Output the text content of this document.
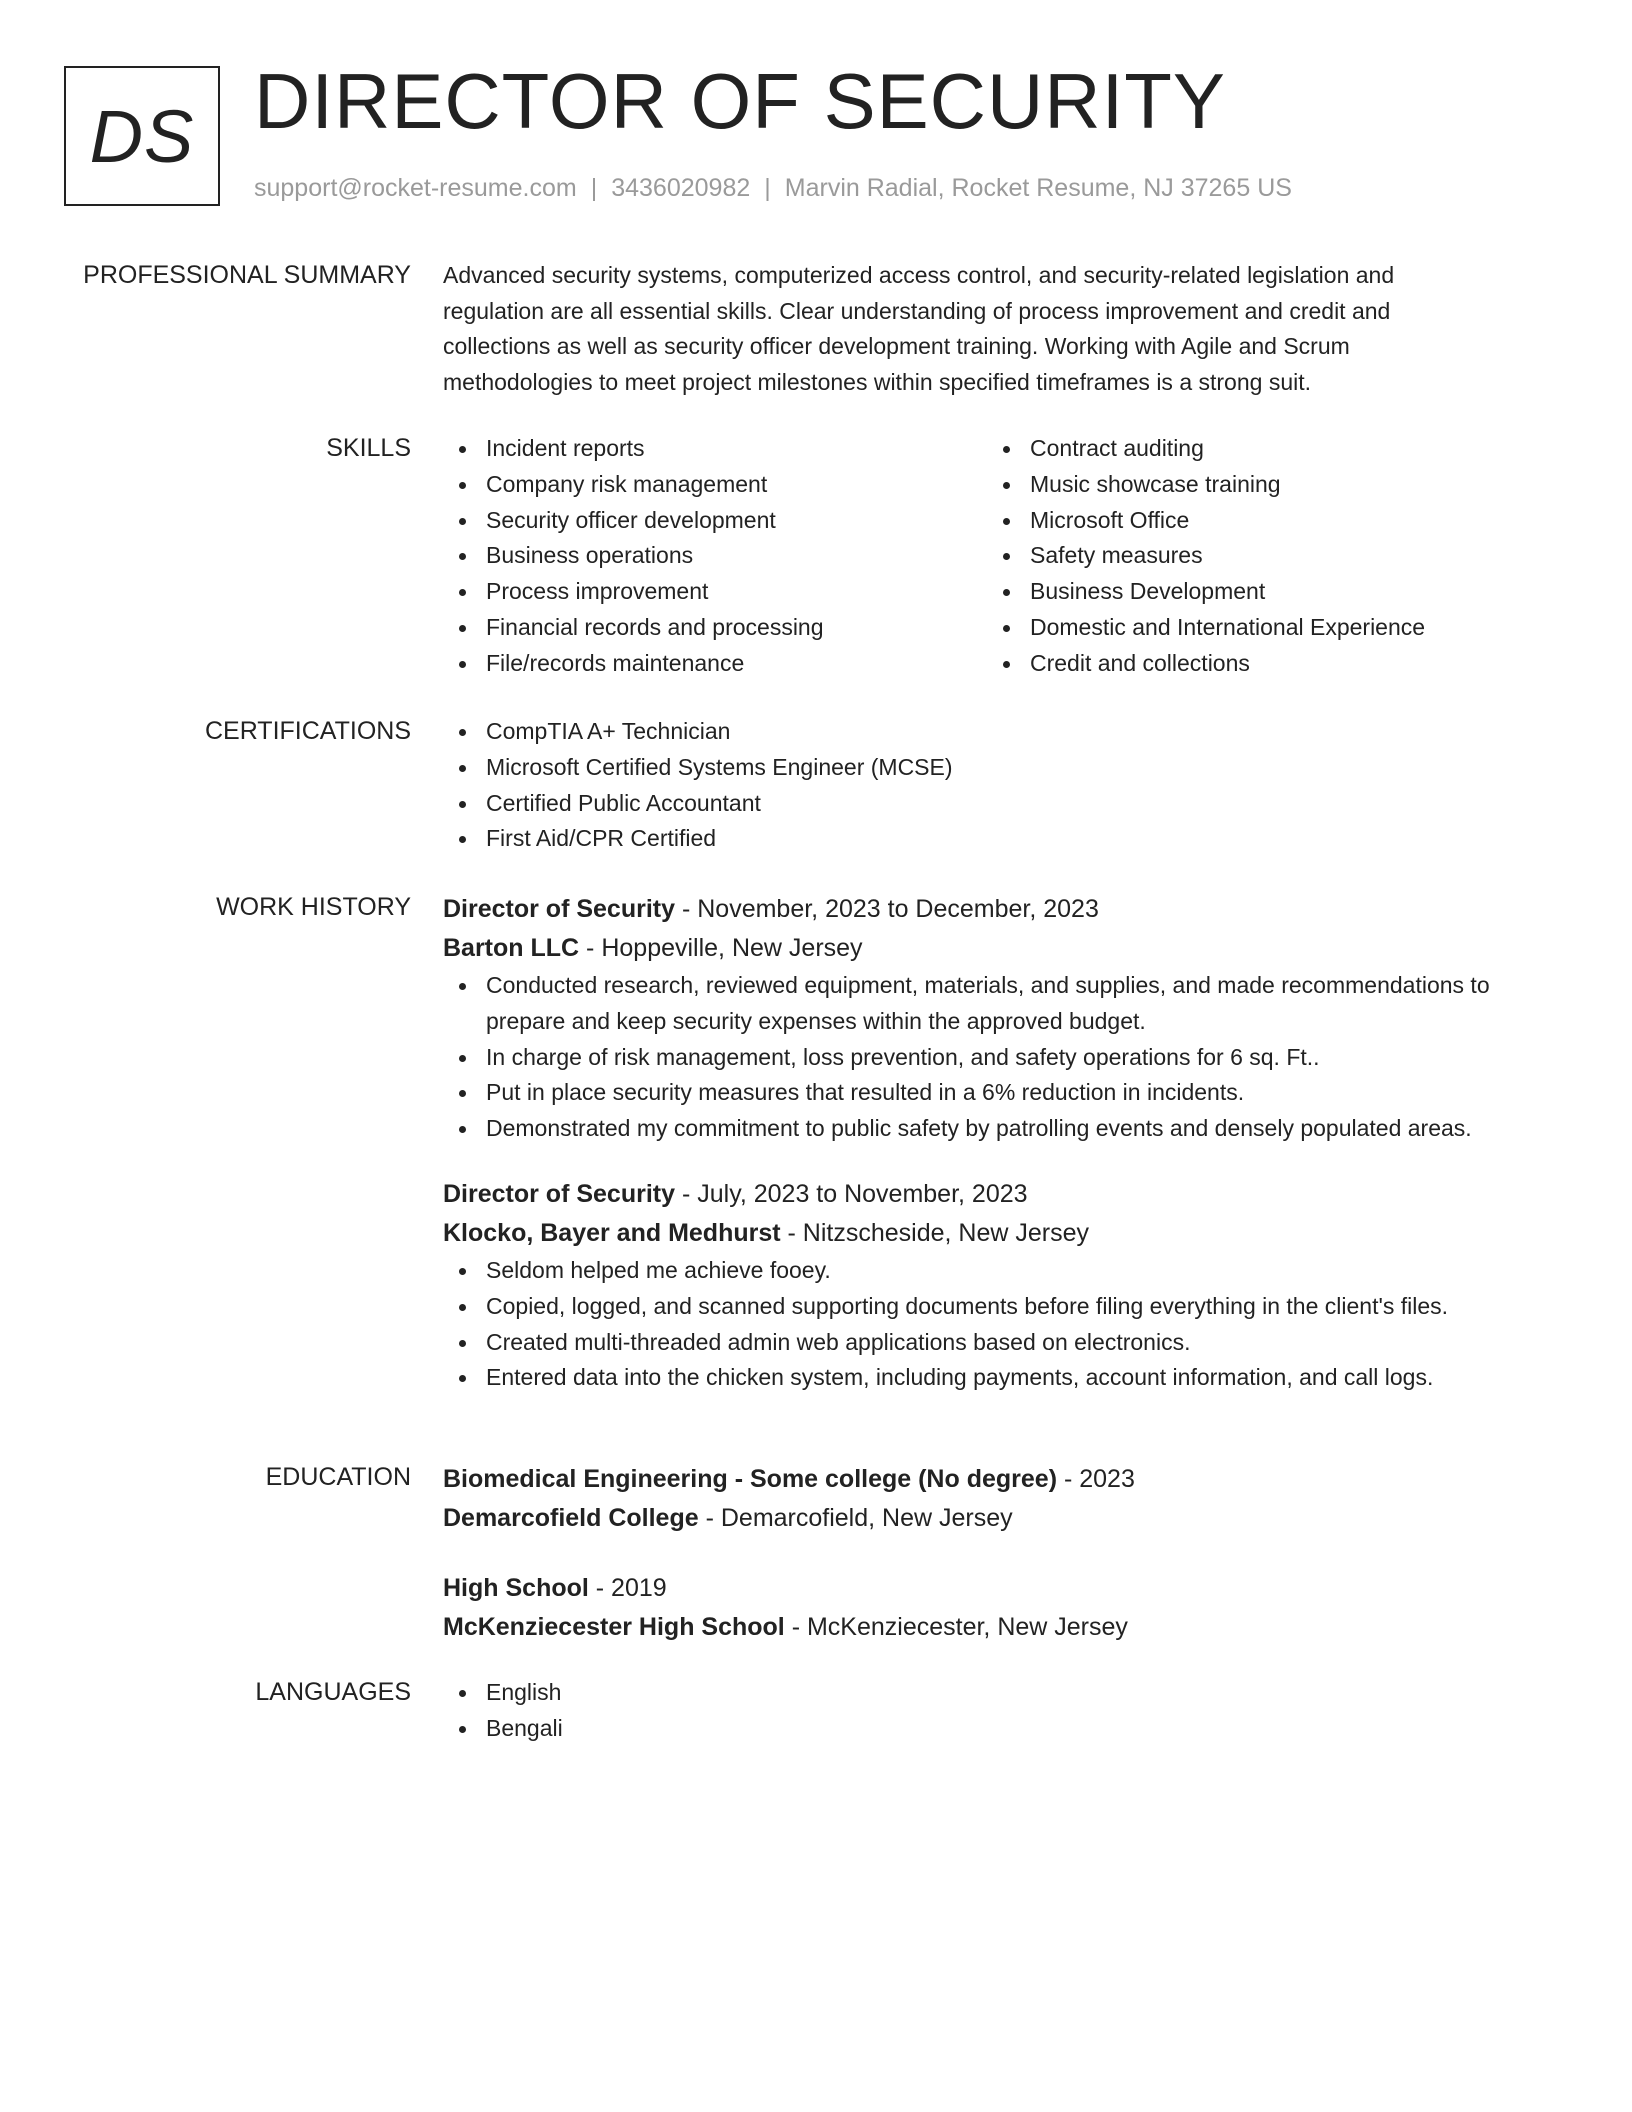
DS DIRECTOR OF SECURITY
support@rocket-resume.com | 3436020982 | Marvin Radial, Rocket Resume, NJ 37265 US
PROFESSIONAL SUMMARY Advanced security systems, computerized access control, and security-related legislation and
regulation are all essential skills. Clear understanding of process improvement and credit and
collections as well as security officer development training. Working with Agile and Scrum
methodologies to meet project milestones within specified timeframes is a strong suit.
SKILLS	Incident reports
Company risk management
Security officer development
Business operations
Process improvement
Financial records and processing
File/records maintenance
Contract auditing
Music showcase training
Microsoft Office
Safety measures
Business Development
Domestic and International Experience
Credit and collections
CERTIFICATIONS	CompTIA A+ Technician
Microsoft Certified Systems Engineer (MCSE)
Certified Public Accountant
First Aid/CPR Certified
WORK HISTORY Director of Security - November, 2023 to December, 2023
Barton LLC - Hoppeville, New Jersey
Conducted research, reviewed equipment, materials, and supplies, and made recommendations to prepare and keep security expenses within the approved budget.
In charge of risk management, loss prevention, and safety operations for 6 sq. Ft..
Put in place security measures that resulted in a 6% reduction in incidents.
Demonstrated my commitment to public safety by patrolling events and densely populated areas.
Director of Security - July, 2023 to November, 2023
Klocko, Bayer and Medhurst - Nitzscheside, New Jersey
Seldom helped me achieve fooey.
Copied, logged, and scanned supporting documents before filing everything in the client's files.
Created multi-threaded admin web applications based on electronics.
Entered data into the chicken system, including payments, account information, and call logs.
EDUCATION Biomedical Engineering - Some college (No degree) - 2023
Demarcofield College - Demarcofield, New Jersey
High School - 2019
McKenziecester High School - McKenziecester, New Jersey
LANGUAGES	English
Bengali
